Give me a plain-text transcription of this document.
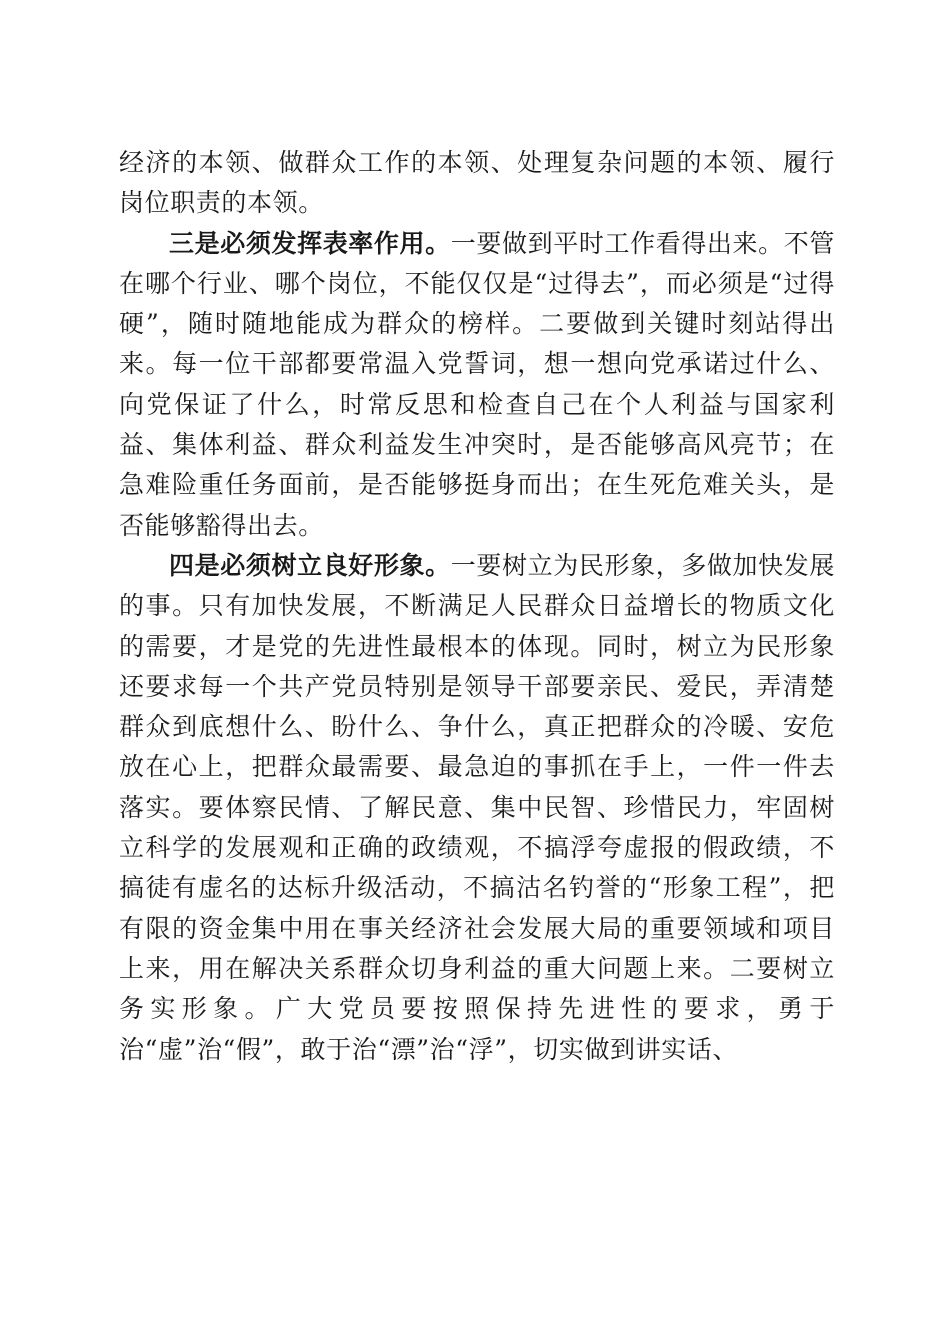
经济的本领、做群众工作的本领、处理复杂问题的本领、履行岗位职责的本领。

三是必须发挥表率作用。一要做到平时工作看得出来。不管在哪个行业、哪个岗位，不能仅仅是“过得去”，而必须是“过得硬”，随时随地能成为群众的榜样。二要做到关键时刻站得出来。每一位干部都要常温入党誓词，想一想向党承诺过什么、向党保证了什么，时常反思和检查自己在个人利益与国家利益、集体利益、群众利益发生冲突时，是否能够高风亮节；在急难险重任务面前，是否能够挺身而出；在生死危难关头，是否能够豁得出去。

四是必须树立良好形象。一要树立为民形象，多做加快发展的事。只有加快发展，不断满足人民群众日益增长的物质文化的需要，才是党的先进性最根本的体现。同时，树立为民形象还要求每一个共产党员特别是领导干部要亲民、爱民，弄清楚群众到底想什么、盼什么、争什么，真正把群众的冷暖、安危放在心上，把群众最需要、最急迫的事抓在手上，一件一件去落实。要体察民情、了解民意、集中民智、珍惜民力，牢固树立科学的发展观和正确的政绩观，不搞浮夸虚报的假政绩，不搞徒有虚名的达标升级活动，不搞沽名钓誉的“形象工程”，把有限的资金集中用在事关经济社会发展大局的重要领域和项目上来，用在解决关系群众切身利益的重大问题上来。二要树立务实形象。广大党员要按照保持先进性的要求，勇于治“虚”治“假”，敢于治“漂”治“浮”，切实做到讲实话、
